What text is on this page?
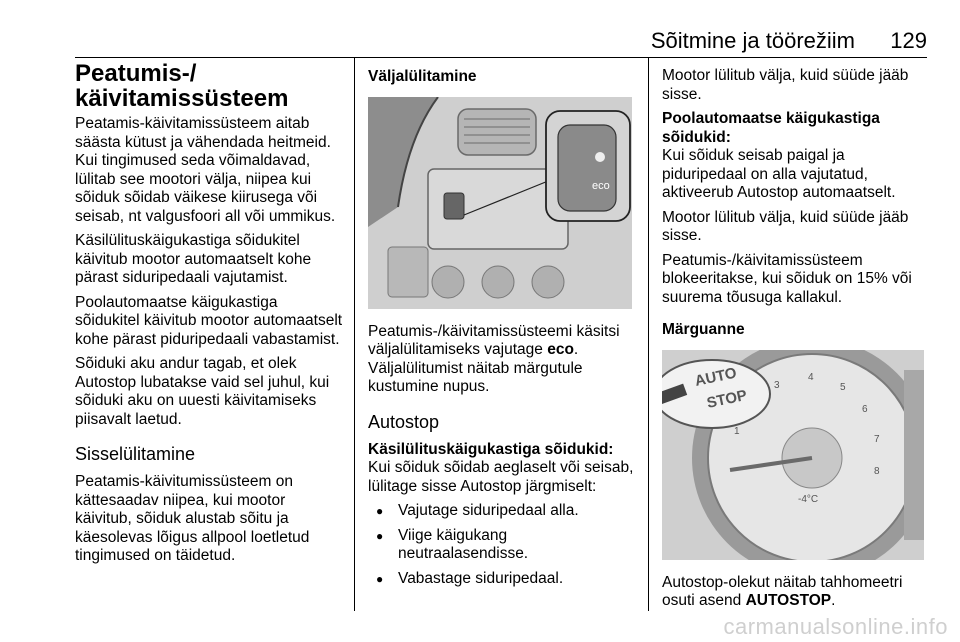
Sõitmine ja töörežiim 129
Peatumis-/
käivitamissüsteem

Peatamis-käivitamissüsteem aitab säästa kütust ja vähendada heitmeid. Kui tingimused seda võimaldavad, lülitab see mootori välja, niipea kui sõiduk sõidab väikese kiirusega või seisab, nt valgusfoori all või ummikus.

Käsilülituskäigukastiga sõidukitel käivitub mootor automaatselt kohe pärast siduripedaali vajutamist.

Poolautomaatse käigukastiga sõidukitel käivitub mootor automaatselt kohe pärast piduripedaali vabastamist.

Sõiduki aku andur tagab, et olek Autostop lubatakse vaid sel juhul, kui sõiduki aku on uuesti käivitamiseks piisavalt laetud.

Sisselülitamine

Peatamis-käivitumissüsteem on kättesaadav niipea, kui mootor käivitub, sõiduk alustab sõitu ja käesolevas lõigus allpool loetletud tingimused on täidetud.

Väljalülitamine
eco

Peatumis-/käivitamissüsteemi käsitsi väljalülitamiseks vajutage eco. Väljalülitumist näitab märgutule kustumine nupus.

Autostop
Käsilülituskäigukastiga sõidukid:

Kui sõiduk sõidab aeglaselt või seisab, lülitage sisse Autostop järgmiselt:

● Vajutage siduripedaal alla.
● Viige käigukang neutraalasendisse.
● Vabastage siduripedaal.

Mootor lülitub välja, kuid süüde jääb sisse.

Poolautomaatse käigukastiga sõidukid:

Kui sõiduk seisab paigal ja piduripedaal on alla vajutatud, aktiveerub Autostop automaatselt.

Mootor lülitub välja, kuid süüde jääb sisse.

Peatumis-/käivitamissüsteem blokeeritakse, kui sõiduk on 15% või suurema tõusuga kallakul.

Märguanne
1
3
4
5
6
7
8
-4°C
AUTO
STOP

Autostop-olekut näitab tahhomeetri osuti asend AUTOSTOP.

carmanualsonline.info
